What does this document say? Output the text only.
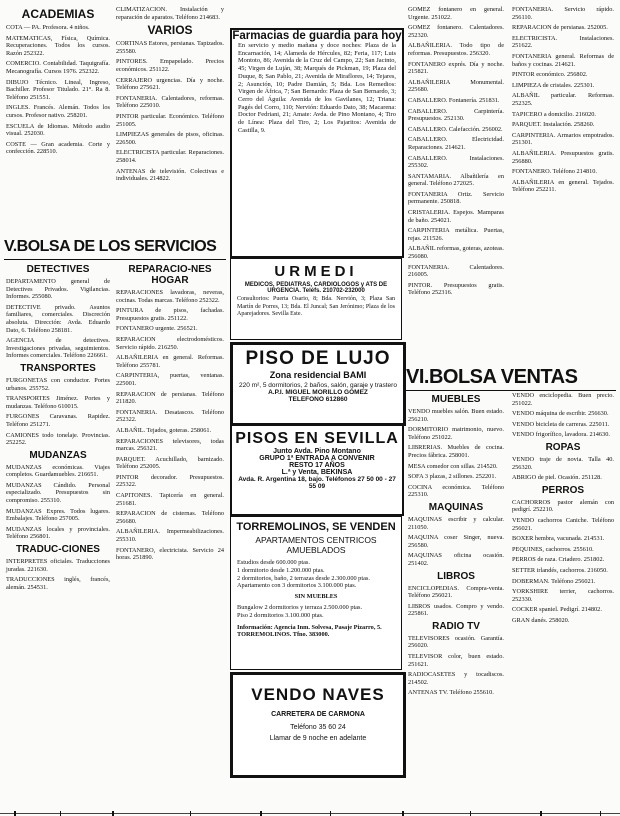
ACADEMIAS

COTA — PA. Profesora. 4 niños.

MATEMATICAS, Física, Química. Recuperaciones. Todos los cursos. Razón 252322.

COMERCIO. Contabilidad. Taquigrafía. Mecanografía. Cursos 1976. 252322.

DIBUJO Técnico. Lineal, Ingreso, Bachiller. Profesor Titulado. 21°. Ra 8. Teléfono 251551.

INGLES. Francés. Alemán. Todos los cursos. Profesor nativo. 258201.

ESCUELA de Idiomas. Método audio visual. 252030.

COSTE — Gran academia. Corte y confección. 228510.

V.BOLSA DE LOS SERVICIOS
DETECTIVES

DEPARTAMENTO general de Detectives Privados. Vigilancias. Informes. 255080.

DETECTIVE privado. Asuntos familiares, comerciales. Discreción absoluta. Dirección: Avda. Eduardo Dato, 6. Teléfono 258181.

AGENCIA de detectives. Investigaciones privadas, seguimientos. Informes comerciales. Teléfono 226661.

TRANSPORTES

FURGONETAS con conductor. Portes urbanos. 255752.

TRANSPORTES Jiménez. Portes y mudanzas. Teléfono 610015.

FURGONES Caravanas. Rapidez. Teléfono 251271.

CAMIONES todo tonelaje. Provincias. 252252.

MUDANZAS

MUDANZAS económicas. Viajes completos. Guardamuebles. 216651.

MUDANZAS Cándido. Personal especializado. Presupuestos sin compromiso. 255310.

MUDANZAS Expres. Todos lugares. Embalajes. Teléfono 257005.

MUDANZAS locales y provinciales. Teléfono 256801.

TRADUC-CIONES

INTERPRETES oficiales. Traducciones juradas. 221630.

TRADUCCIONES inglés, francés, alemán. 254531.

CLIMATIZACION. Instalación y reparación de aparatos. Teléfono 214683.

VARIOS

CORTINAS Estores, persianas. Tapizados. 255580.

PINTORES. Empapelado. Precios económicos. 251122.

CERRAJERO urgencias. Día y noche. Teléfono 275621.

FONTANERIA. Calentadores, reformas. Teléfono 225010.

PINTOR particular. Económico. Teléfono 251005.

LIMPIEZAS generales de pisos, oficinas. 226500.

ELECTRICISTA particular. Reparaciones. 258014.

ANTENAS de televisión. Colectivas e individuales. 214822.

REPARACIO-NES HOGAR

REPARACIONES lavadoras, neveras, cocinas. Todas marcas. Teléfono 252322.

PINTURA de pisos, fachadas. Presupuestos gratis. 251122.

FONTANERO urgente. 256521.

REPARACION electrodomésticos. Servicio rápido. 216250.

ALBAÑILERIA en general. Reformas. Teléfono 255781.

CARPINTERIA, puertas, ventanas. 225001.

REPARACION de persianas. Teléfono 211820.

FONTANERIA. Desatascos. Teléfono 252322.

ALBAÑIL. Tejados, goteras. 258061.

REPARACIONES televisores, todas marcas. 256321.

PARQUET. Acuchillado, barnizado. Teléfono 252005.

PINTOR decorador. Presupuestos. 225322.

CAPITONES. Tapicería en general. 251681.

REPARACION de cisternas. Teléfono 256680.

ALBAÑILERIA. Impermeabilizaciones. 255310.

FONTANERO, electricista. Servicio 24 horas. 251890.

Farmacias de guardia para hoy

En servicio y medio mañana y doce noches: Plaza de la Encarnación, 14; Alameda de Hércules, 82; Feria, 117; Luis Montoto, 86; Avenida de la Cruz del Campo, 22; San Jacinto, 45; Virgen de Luján, 38; Marqués de Pickman, 19; Plaza del Duque, 8; San Pablo, 21; Avenida de Miraflores, 14; Tejares, 2; Asunción, 10; Padre Damián, 5; Bda. Los Remedios: Virgen de África, 7; San Bernardo: Plaza de San Bernardo, 3; Cerro del Águila: Avenida de los Gavilanes, 12; Triana: Pagés del Corro, 110; Nervión: Eduardo Dato, 38; Macarena: Doctor Fedriani, 21; Amate: Avda. de Pino Montano, 4; Tiro de Línea: Plaza del Tiro, 2; Los Pajaritos: Avenida de Castilla, 9.

URMEDI

MEDICOS, PEDIATRAS, CARDIOLOGOS y ATS DE URGENCIA. Teléfs. 210702-232000

Consultorios: Puerta Osario, 8; Bda. Nervión, 3; Plaza San Martín de Porres, 13; Bda. El Juncal; San Jerónimo; Plaza de los Aparejadores. Sevilla Este.

PISO DE LUJO

Zona residencial BAMI

220 m², 5 dormitorios, 2 baños, salón, garaje y trastero

A.P.I. MIGUEL MORILLO GOMEZ

TELEFONO 612860

PISOS EN SEVILLA

Junto Avda. Pino Montano

GRUPO 1ª ENTRADA A CONVENIR

RESTO 17 AÑOS

L.ª y Venta, BEKINSA

Avda. R. Argentina 18, bajo. Teléfonos 27 50 00 - 27 55 09

TORREMOLINOS, SE VENDEN

APARTAMENTOS CENTRICOS AMUEBLADOS

Estudios desde 600.000 ptas.

1 dormitorio desde 1.200.000 ptas.

2 dormitorios, baño, 2 terrazas desde 2.300.000 ptas.

Apartamento con 3 dormitorios 3.100.000 ptas.

SIN MUEBLES

Bungalow 2 dormitorios y terraza 2.500.000 ptas.

Piso 2 dormitorios 3.100.000 ptas.

Información: Agencia Inm. Solvesa, Pasaje Pizarro, 5. TORREMOLINOS. Tfno. 383000.

VENDO NAVES

CARRETERA DE CARMONA

Teléfono 35 60 24

Llamar de 9 noche en adelante

GOMEZ fontanero en general. Urgente. 251022.

GOMEZ fontanero. Calentadores. 252320.

ALBAÑILERIA. Todo tipo de reformas. Presupuestos. 256320.

FONTANERO exprés. Día y noche. 215821.

ALBAÑILERIA Monumental. 225680.

CABALLERO. Fontanería. 251831.

CABALLERO. Carpintería. Presupuestos. 252130.

CABALLERO. Calefacción. 256002.

CABALLERO. Electricidad. Reparaciones. 214621.

CABALLERO. Instalaciones. 255302.

SANTAMARIA. Albañilería en general. Teléfono 272025.

FONTANERIA Ortiz. Servicio permanente. 250818.

CRISTALERIA. Espejos. Mamparas de baño. 254021.

CARPINTERIA metálica. Puertas, rejas. 211526.

ALBAÑIL reformas, goteras, azoteas. 256080.

FONTANERIA. Calentadores. 216005.

PINTOR. Presupuestos gratis. Teléfono 252316.

VI.BOLSA VENTAS
MUEBLES

VENDO muebles salón. Buen estado. 256210.

DORMITORIO matrimonio, nuevo. Teléfono 251022.

LIBRERIAS. Muebles de cocina. Precios fábrica. 258001.

MESA comedor con sillas. 214520.

SOFA 3 plazas, 2 sillones. 252201.

COCINA económica. Teléfono 225310.

MAQUINAS

MAQUINAS escribir y calcular. 211050.

MAQUINA coser Singer, nueva. 256580.

MAQUINAS oficina ocasión. 251402.

LIBROS

ENCICLOPEDIAS. Compra-venta. Teléfono 256021.

LIBROS usados. Compro y vendo. 225861.

RADIO TV

TELEVISORES ocasión. Garantía. 256020.

TELEVISOR color, buen estado. 251621.

RADIOCASETES y tocadiscos. 214502.

ANTENAS TV. Teléfono 255610.

FONTANERIA. Servicio rápido. 256110.

REPARACION de persianas. 252005.

ELECTRICISTA. Instalaciones. 251622.

FONTANERIA general. Reformas de baños y cocinas. 214621.

PINTOR económico. 256802.

LIMPIEZA de cristales. 225301.

ALBAÑIL particular. Reformas. 252325.

TAPICERO a domicilio. 216020.

PARQUET. Instalación. 258260.

CARPINTERIA. Armarios empotrados. 251301.

ALBAÑILERIA. Presupuestos gratis. 256880.

FONTANERO. Teléfono 214810.

ALBAÑILERIA en general. Tejados. Teléfono 252211.

VENDO enciclopedia. Buen precio. 251022.

VENDO máquina de escribir. 256630.

VENDO bicicleta de carreras. 225011.

VENDO frigorífico, lavadora. 214630.

ROPAS

VENDO traje de novia. Talla 40. 256320.

ABRIGO de piel. Ocasión. 251128.

PERROS

CACHORROS pastor alemán con pedigrí. 252210.

VENDO cachorros Caniche. Teléfono 256021.

BOXER hembra, vacunada. 214531.

PEQUINES, cachorros. 255610.

PERROS de raza. Criadero. 251802.

SETTER irlandés, cachorros. 216050.

DOBERMAN. Teléfono 256021.

YORKSHIRE terrier, cachorros. 252330.

COCKER spaniel. Pedigrí. 214802.

GRAN danés. 258020.
